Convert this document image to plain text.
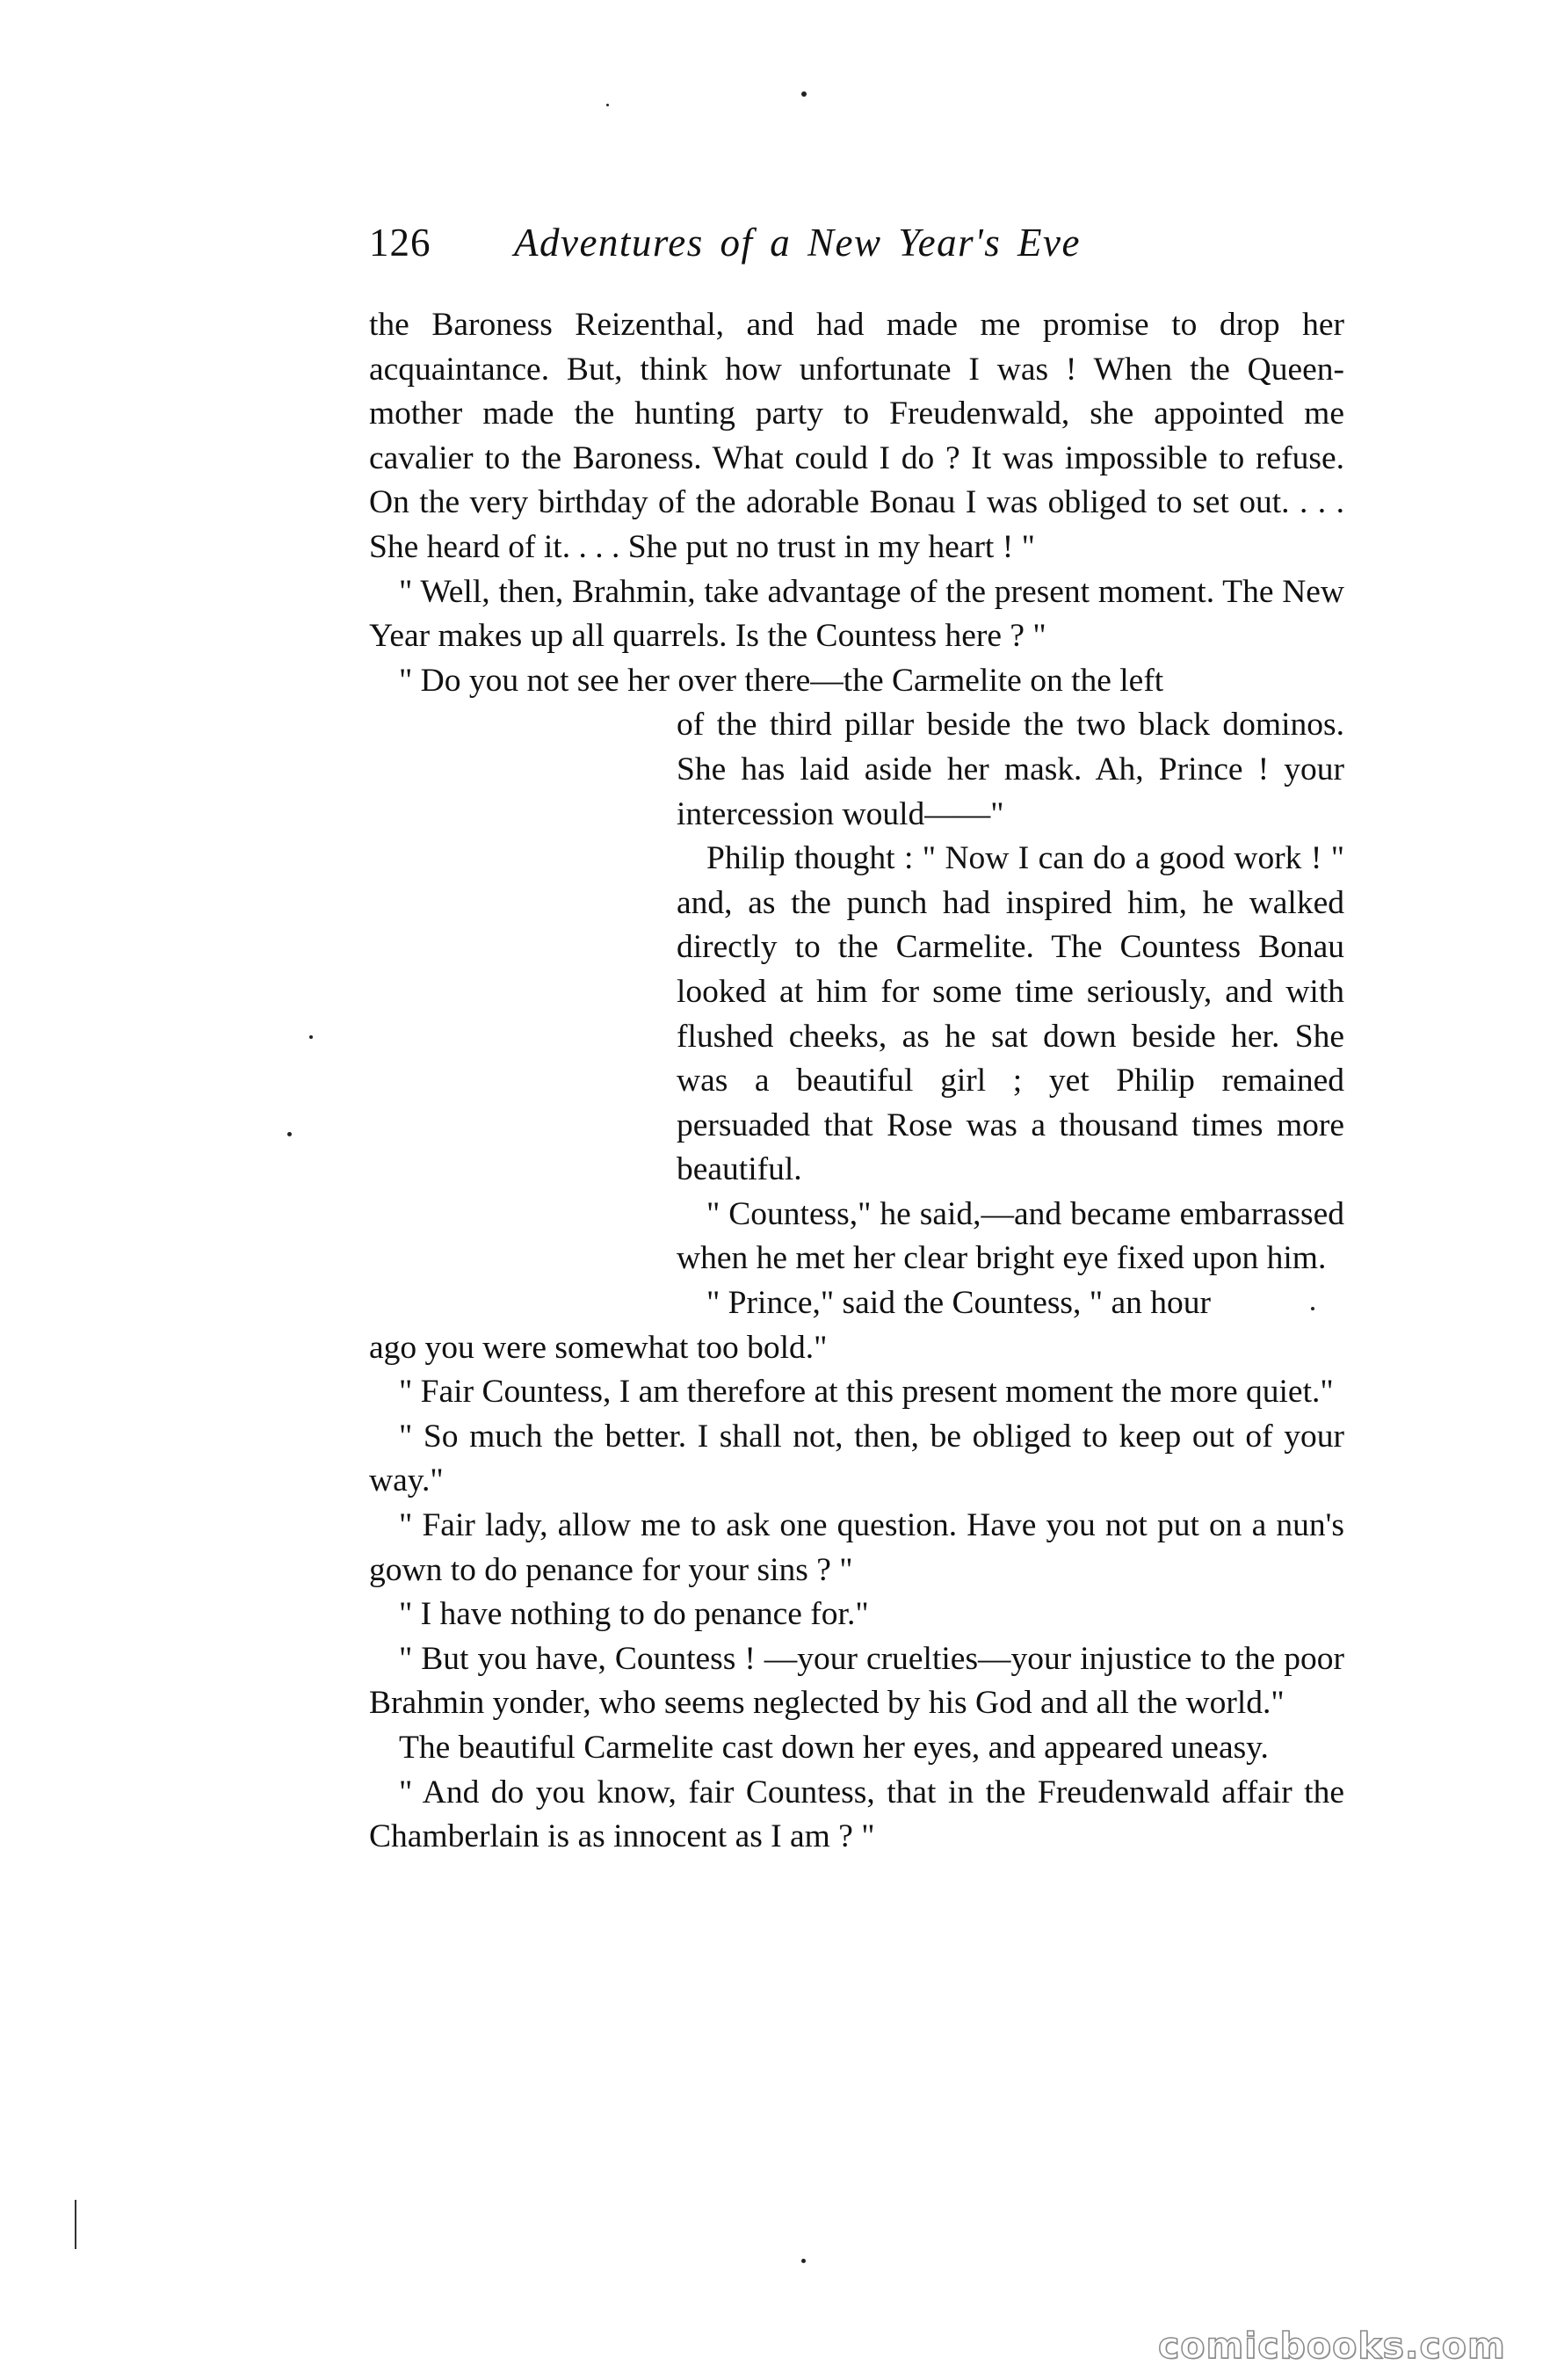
126 Adventures of a New Year's Eve

the Baroness Reizenthal, and had made me promise to drop her acquaintance. But, think how unfortunate I was ! When the Queen-mother made the hunting party to Freudenwald, she appointed me cavalier to the Baroness. What could I do ? It was impossible to refuse. On the very birthday of the adorable Bonau I was obliged to set out. . . . She heard of it. . . . She put no trust in my heart ! "

" Well, then, Brahmin, take advantage of the present moment. The New Year makes up all quarrels. Is the Countess here ? "

" Do you not see her over there—the Carmelite on the left

of the third pillar beside the two black dominos. She has laid aside her mask. Ah, Prince ! your intercession would——"

Philip thought : " Now I can do a good work ! " and, as the punch had inspired him, he walked directly to the Carmelite. The Countess Bonau looked at him for some time seriously, and with flushed cheeks, as he sat down beside her. She was a beautiful girl ; yet Philip remained persuaded that Rose was a thousand times more beautiful.

" Countess," he said,—and became embarrassed when he met her clear bright eye fixed upon him.

" Prince," said the Countess, " an hour

ago you were somewhat too bold."

" Fair Countess, I am therefore at this present moment the more quiet."

" So much the better. I shall not, then, be obliged to keep out of your way."

" Fair lady, allow me to ask one question. Have you not put on a nun's gown to do penance for your sins ? "

" I have nothing to do penance for."

" But you have, Countess ! —your cruelties—your injustice to the poor Brahmin yonder, who seems neglected by his God and all the world."

The beautiful Carmelite cast down her eyes, and appeared uneasy.

" And do you know, fair Countess, that in the Freudenwald affair the Chamberlain is as innocent as I am ? "

comicbooks.com
